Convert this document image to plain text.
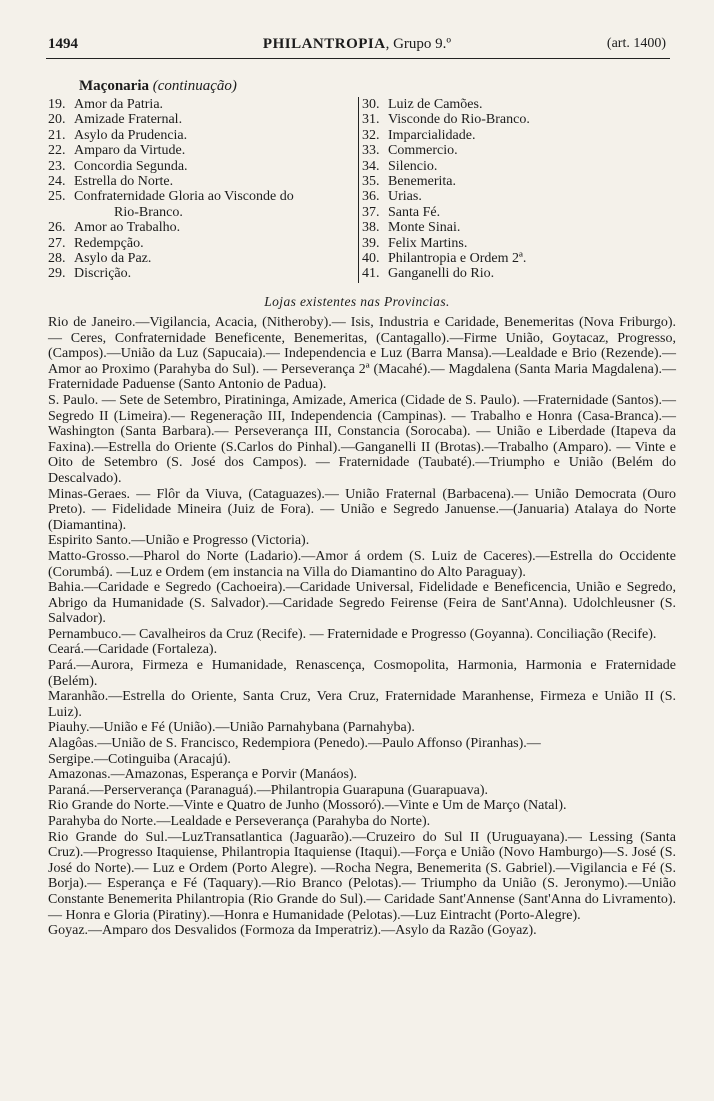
1494	PHILANTROPIA, Grupo 9.º	(art. 1400)
Maçonaria (continuação)
19. Amor da Patria.
20. Amizade Fraternal.
21. Asylo da Prudencia.
22. Amparo da Virtude.
23. Concordia Segunda.
24. Estrella do Norte.
25. Confraternidade Gloria ao Visconde do
Rio-Branco.
26. Amor ao Trabalho.
27. Redempção.
28. Asylo da Paz.
29. Discrição.
30. Luiz de Camões.
31. Visconde do Rio-Branco.
32. Imparcialidade.
33. Commercio.
34. Silencio.
35. Benemerita.
36. Urias.
37. Santa Fé.
38. Monte Sinai.
39. Felix Martins.
40. Philantropia e Ordem 2ª.
41. Ganganelli do Rio.
Lojas existentes nas Provincias.

Rio de Janeiro.—Vigilancia, Acacia, (Nitheroby).— Isis, Industria e Caridade, Benemeritas (Nova Friburgo). — Ceres, Confraternidade Beneficente, Benemeritas, (Cantagallo).—Firme União, Goytacaz, Progresso, (Campos).—União da Luz (Sapucaia).— Independencia e Luz (Barra Mansa).—Lealdade e Brio (Rezende).—Amor ao Proximo (Parahyba do Sul). — Perseverança 2ª (Macahé).— Magdalena (Santa Maria Magdalena).—Fraternidade Paduense (Santo Antonio de Padua).

S. Paulo. — Sete de Setembro, Piratininga, Amizade, America (Cidade de S. Paulo). —Fraternidade (Santos).—Segredo II (Limeira).— Regeneração III, Independencia (Campinas). — Trabalho e Honra (Casa-Branca).— Washington (Santa Barbara).— Perseverança III, Constancia (Sorocaba). — União e Liberdade (Itapeva da Faxina).—Estrella do Oriente (S.Carlos do Pinhal).—Ganganelli II (Brotas).—Trabalho (Amparo). — Vinte e Oito de Setembro (S. José dos Campos). — Fraternidade (Taubaté).—Triumpho e União (Belém do Descalvado).

Minas-Geraes. — Flôr da Viuva, (Cataguazes).— União Fraternal (Barbacena).— União Democrata (Ouro Preto). — Fidelidade Mineira (Juiz de Fora). — União e Segredo Januense.—(Januaria) Atalaya do Norte (Diamantina).

Espirito Santo.—União e Progresso (Victoria).

Matto-Grosso.—Pharol do Norte (Ladario).—Amor á ordem (S. Luiz de Caceres).—Estrella do Occidente (Corumbá). —Luz e Ordem (em instancia na Villa do Diamantino do Alto Paraguay).

Bahia.—Caridade e Segredo (Cachoeira).—Caridade Universal, Fidelidade e Beneficencia, União e Segredo, Abrigo da Humanidade (S. Salvador).—Caridade Segredo Feirense (Feira de Sant'Anna). Udolchleusner (S. Salvador).

Pernambuco.— Cavalheiros da Cruz (Recife). — Fraternidade e Progresso (Goyanna). Conciliação (Recife).

Ceará.—Caridade (Fortaleza).

Pará.—Aurora, Firmeza e Humanidade, Renascença, Cosmopolita, Harmonia, Harmonia e Fraternidade (Belém).

Maranhão.—Estrella do Oriente, Santa Cruz, Vera Cruz, Fraternidade Maranhense, Firmeza e União II (S. Luiz).

Piauhy.—União e Fé (União).—União Parnahybana (Parnahyba).

Alagôas.—União de S. Francisco, Redempiora (Penedo).—Paulo Affonso (Piranhas).—

Sergipe.—Cotinguiba (Aracajú).

Amazonas.—Amazonas, Esperança e Porvir (Manáos).

Paraná.—Perserverança (Paranaguá).—Philantropia Guarapuna (Guarapuava).

Rio Grande do Norte.—Vinte e Quatro de Junho (Mossoró).—Vinte e Um de Março (Natal).

Parahyba do Norte.—Lealdade e Perseverança (Parahyba do Norte).

Rio Grande do Sul.—LuzTransatlantica (Jaguarão).—Cruzeiro do Sul II (Uruguayana).— Lessing (Santa Cruz).—Progresso Itaquiense, Philantropia Itaquiense (Itaqui).—Força e União (Novo Hamburgo)—S. José (S. José do Norte).— Luz e Ordem (Porto Alegre). —Rocha Negra, Benemerita (S. Gabriel).—Vigilancia e Fé (S. Borja).— Esperança e Fé (Taquary).—Rio Branco (Pelotas).— Triumpho da União (S. Jeronymo).—União Constante Benemerita Philantropia (Rio Grande do Sul).— Caridade Sant'Annense (Sant'Anna do Livramento). — Honra e Gloria (Piratiny).—Honra e Humanidade (Pelotas).—Luz Eintracht (Porto-Alegre).

Goyaz.—Amparo dos Desvalidos (Formoza da Imperatriz).—Asylo da Razão (Goyaz).
